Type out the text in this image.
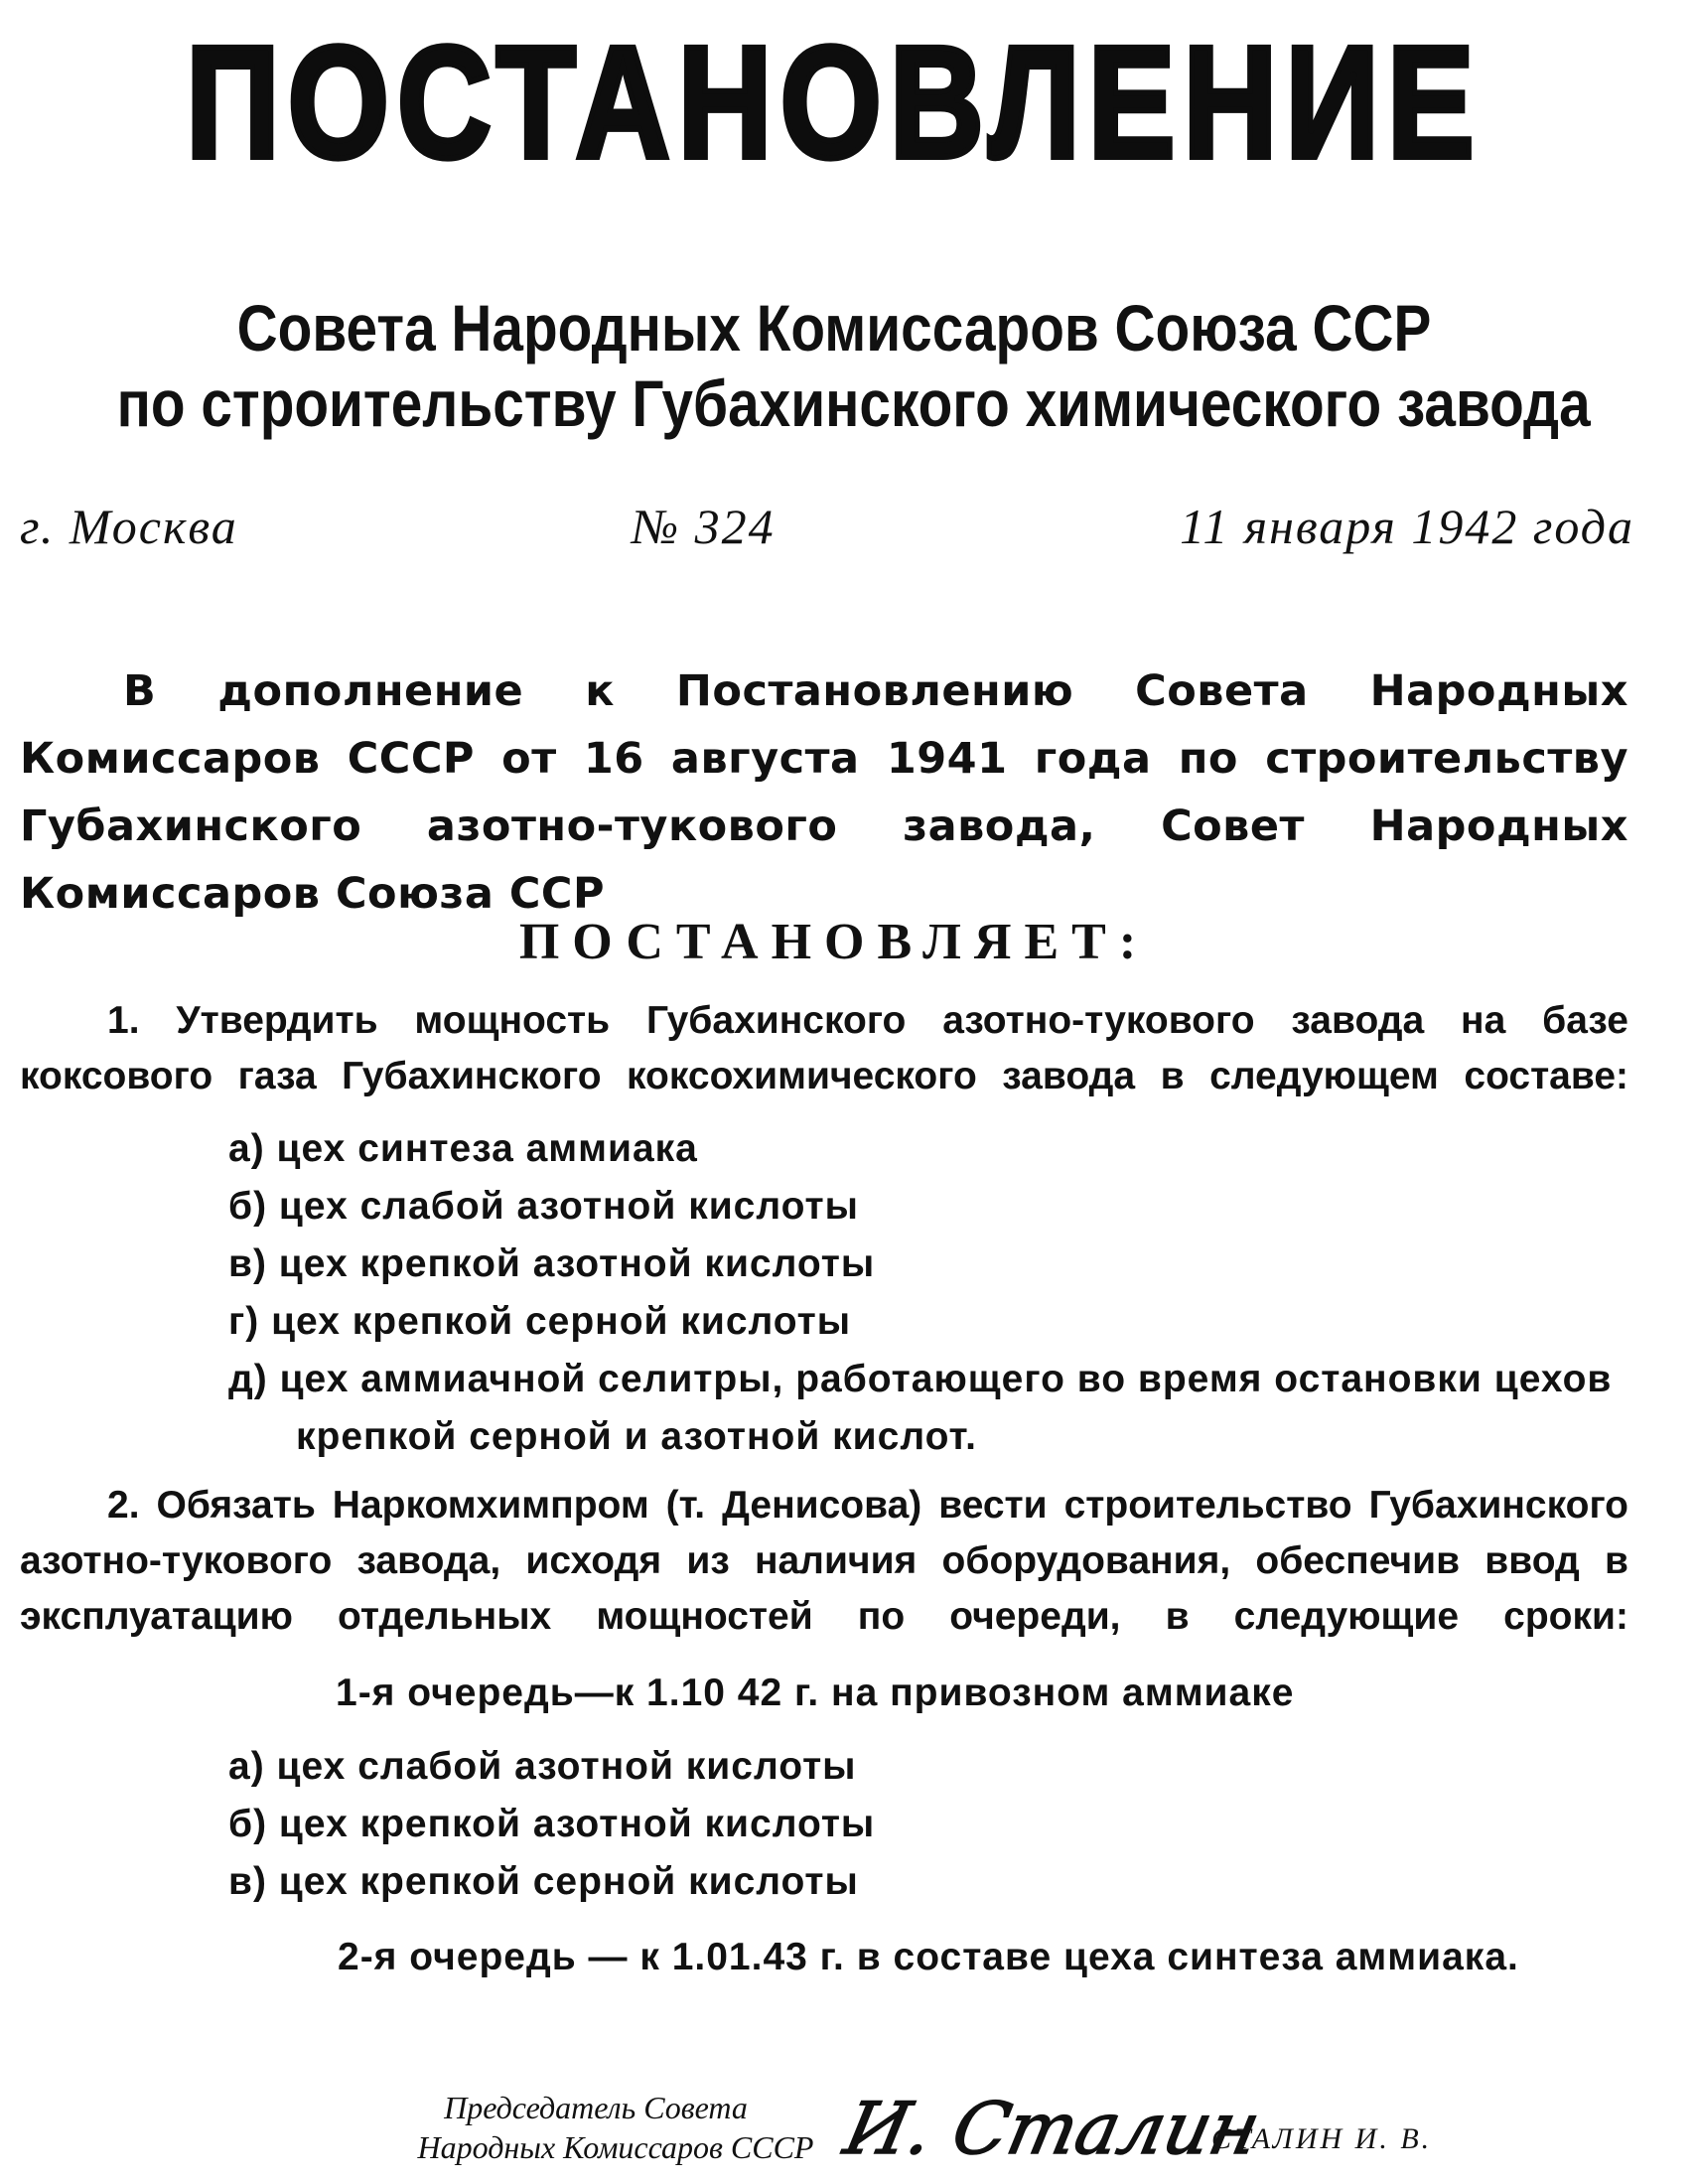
ПОСТАНОВЛЕНИЕ
Совета Народных Комиссаров Союза ССР
по строительству Губахинского химического завода
г. Москва	№ 324	11 января 1942 года
В дополнение к Постановлению Совета Народных Комиссаров СССР от 16 августа 1941 года по строительству Губахинского азотно-тукового завода, Совет Народных Комиссаров Союза ССР
ПОСТАНОВЛЯЕТ:
1. Утвердить мощность Губахинского азотно-тукового завода на базе коксового газа Губахинского коксохимического завода в следующем составе:
а) цех синтеза аммиака
б) цех слабой азотной кислоты
в) цех крепкой азотной кислоты
г) цех крепкой серной кислоты
д) цех аммиачной селитры, работающего во время остановки цехов крепкой серной и азотной кислот.
2. Обязать Наркомхимпром (т. Денисова) вести строительство Губахинского азотно-тукового завода, исходя из наличия оборудования, обеспечив ввод в эксплуатацию отдельных мощностей по очереди, в следующие сроки:
1-я очередь—к 1.10 42 г. на привозном аммиаке
а) цех слабой азотной кислоты
б) цех крепкой азотной кислоты
в) цех крепкой серной кислоты
2-я очередь — к 1.01.43 г. в составе цеха синтеза аммиака.
Председатель Совета
Народных Комиссаров СССР И. Сталин
СТАЛИН И. В.
